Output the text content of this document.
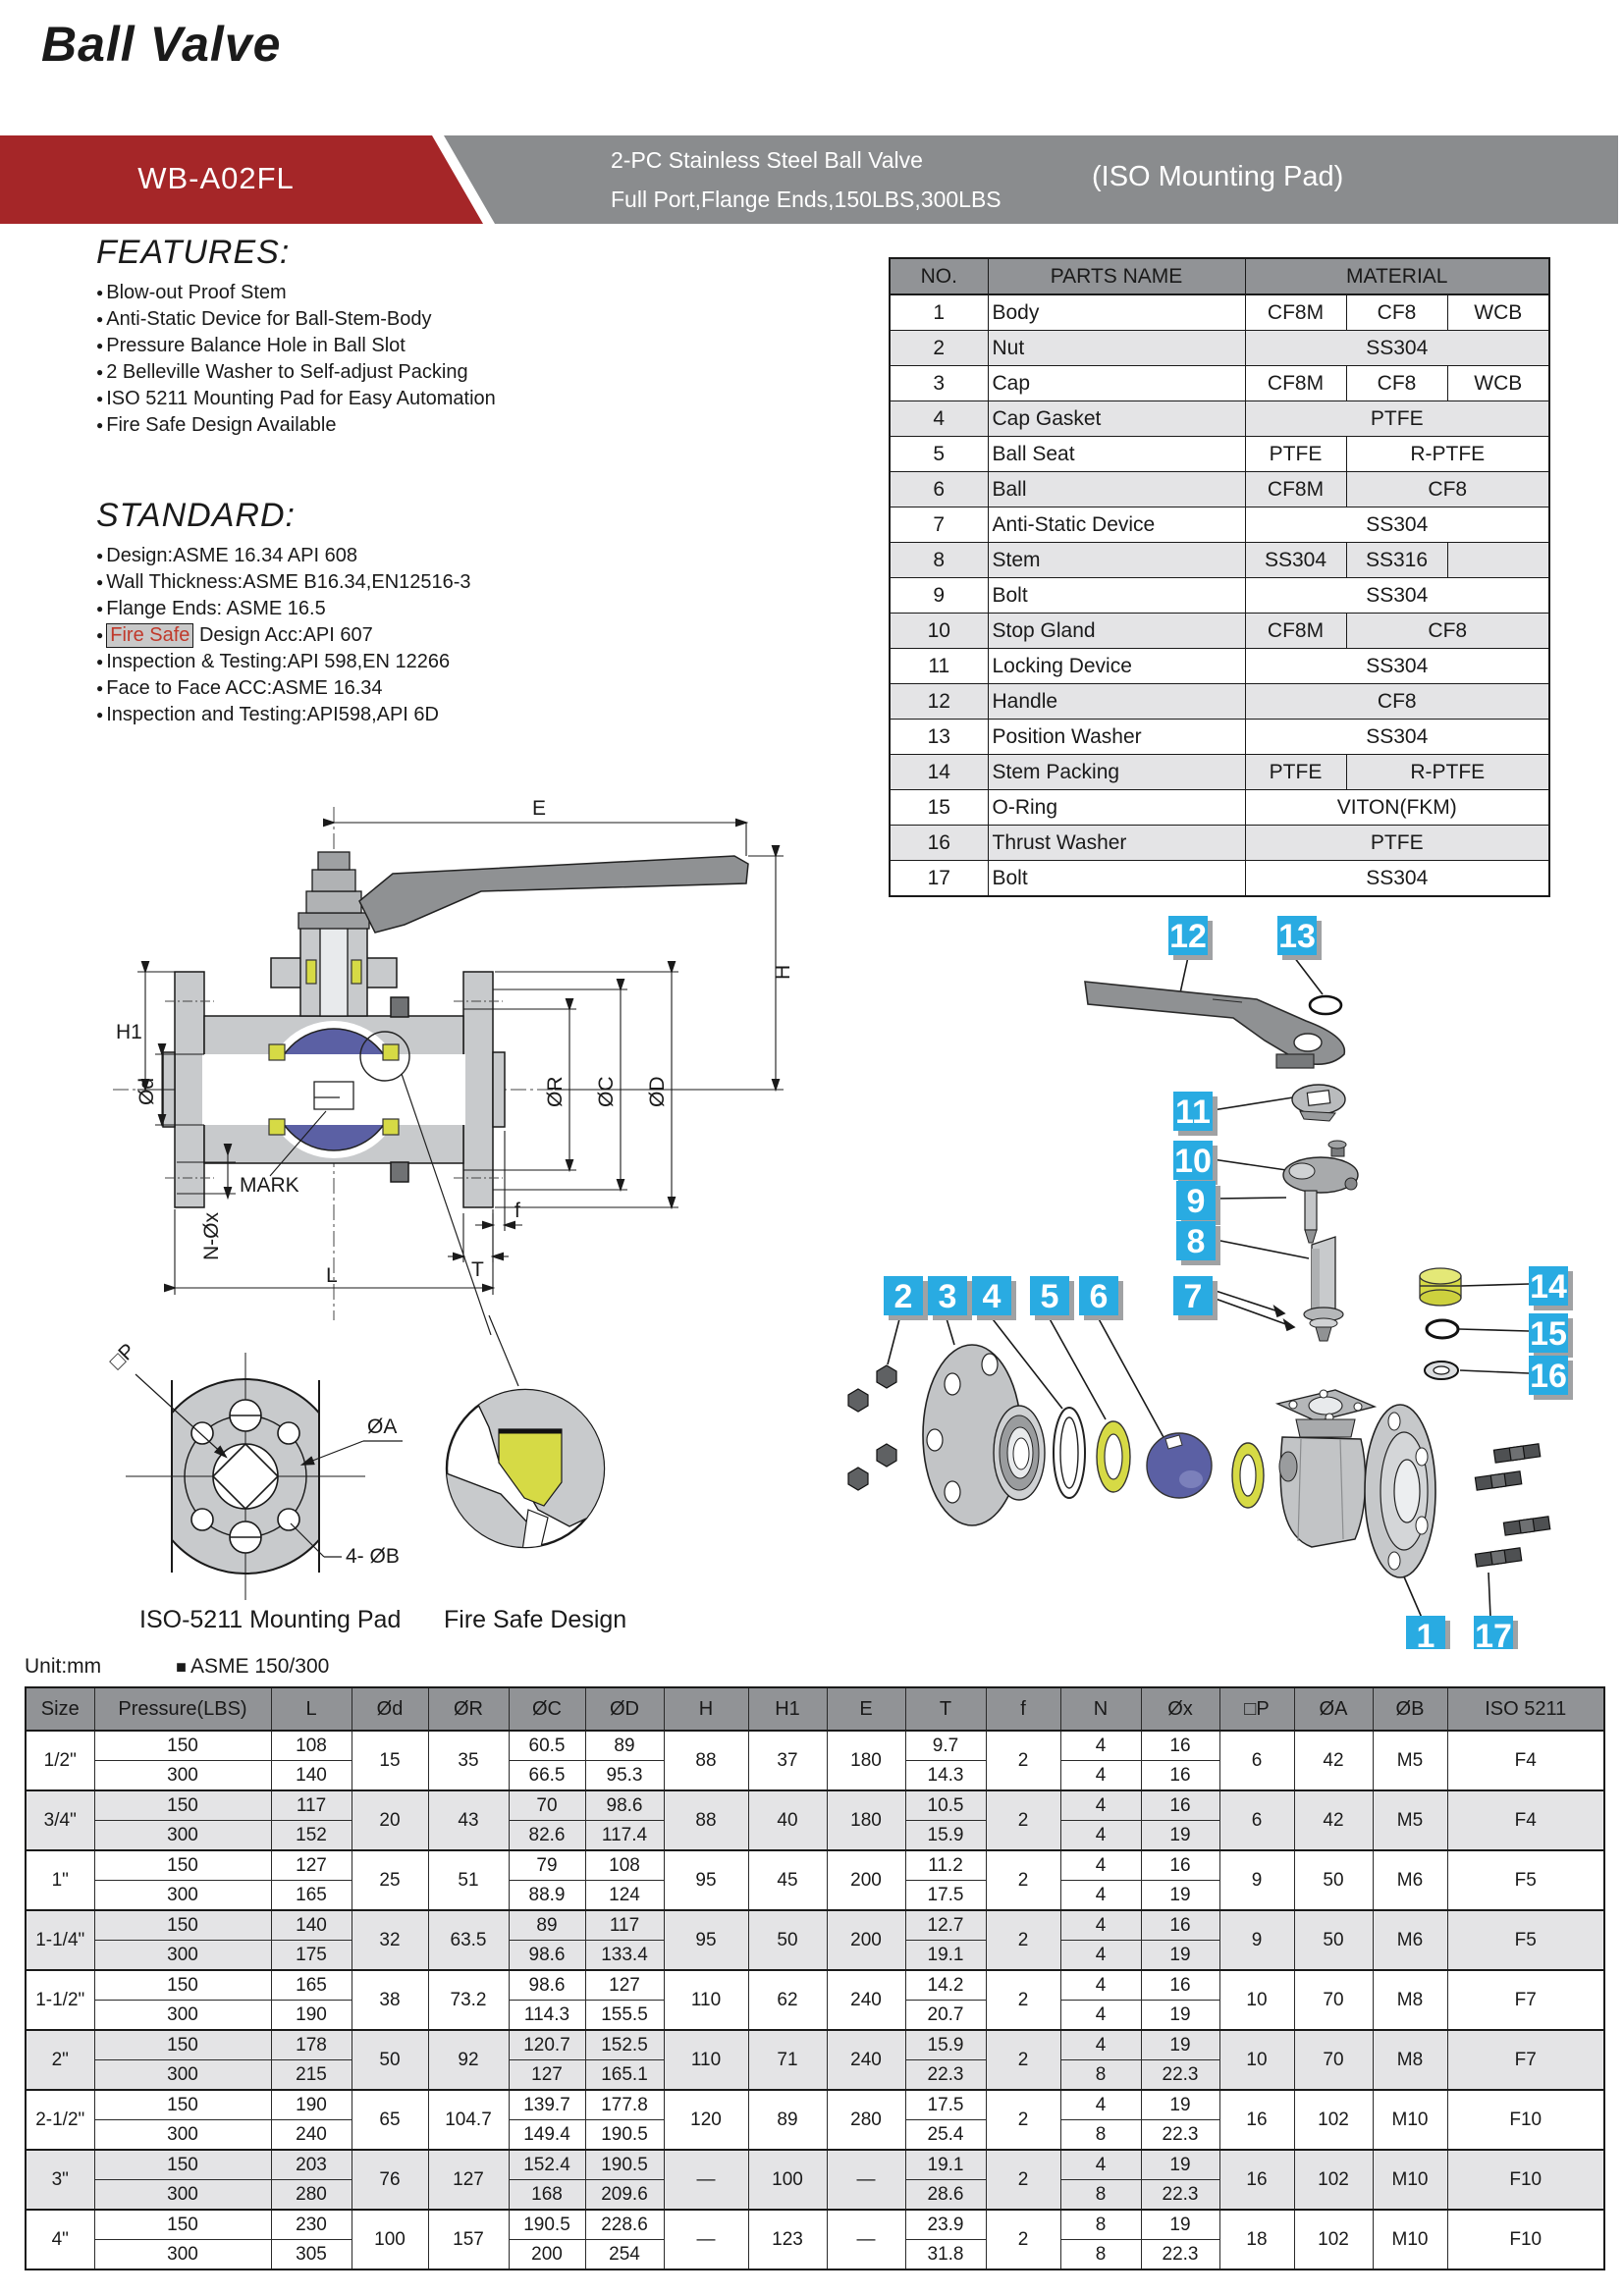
Ball Valve
WB-A02FL
2-PC Stainless Steel Ball Valve
Full Port,Flange Ends,150LBS,300LBS
(ISO Mounting Pad)
FEATURES:
● Blow-out Proof Stem
● Anti-Static Device for Ball-Stem-Body
● Pressure Balance Hole in Ball Slot
● 2 Belleville Washer to Self-adjust Packing
● ISO 5211 Mounting Pad for Easy Automation
● Fire Safe Design Available
STANDARD:
● Design:ASME 16.34 API 608
● Wall Thickness:ASME B16.34,EN12516-3
● Flange Ends: ASME 16.5
● Fire Safe Design Acc:API 607
● Inspection & Testing:API 598,EN 12266
● Face to Face ACC:ASME 16.34
● Inspection and Testing:API598,API 6D
NO.	PARTS NAME	MATERIAL		
1	Body	CF8M	CF8	WCB
2	Nut	SS304		
3	Cap	CF8M	CF8	WCB
4	Cap Gasket	PTFE		
5	Ball Seat	PTFE	R-PTFE	
6	Ball	CF8M	CF8	
7	Anti-Static Device	SS304		
8	Stem	SS304	SS316	
9	Bolt	SS304		
10	Stop Gland	CF8M	CF8	
11	Locking Device	SS304		
12	Handle	CF8		
13	Position Washer	SS304		
14	Stem Packing	PTFE	R-PTFE	
15	O-Ring	VITON(FKM)		
16	Thrust Washer	PTFE		
17	Bolt	SS304		
E
H
H1
Ød	ØR ØC ØD
L	T
f
N-Øx
MARK
□P
ØA
4- ØB
ISO-5211 Mounting Pad Fire Safe Design
12 13
11
10
9
8
7
2 3 4 5 6	14
15
16
1 17
Unit:mm	■ ASME 150/300
Size	Pressure(LBS)	L	Ød	ØR	ØC	ØD	H	H1	E	T	f	N	Øx	□P	ØA	ØB	ISO 5211
1/2"	150	108	15	35	60.5	89	88	37	180	9.7	2	4	16	6	42	M5	F4
	300	140			66.5	95.3				14.3		4	16				
3/4"	150	117	20	43	70	98.6	88	40	180	10.5	2	4	16	6	42	M5	F4
	300	152			82.6	117.4				15.9		4	19				
1"	150	127	25	51	79	108	95	45	200	11.2	2	4	16	9	50	M6	F5
	300	165			88.9	124				17.5		4	19				
1-1/4"	150	140	32	63.5	89	117	95	50	200	12.7	2	4	16	9	50	M6	F5
	300	175			98.6	133.4				19.1		4	19				
1-1/2"	150	165	38	73.2	98.6	127	110	62	240	14.2	2	4	16	10	70	M8	F7
	300	190			114.3	155.5				20.7		4	19				
2"	150	178	50	92	120.7	152.5	110	71	240	15.9	2	4	19	10	70	M8	F7
	300	215			127	165.1				22.3		8	22.3				
2-1/2"	150	190	65	104.7	139.7	177.8	120	89	280	17.5	2	4	19	16	102	M10	F10
	300	240			149.4	190.5				25.4		8	22.3				
3"	150	203	76	127	152.4	190.5	—	100	—	19.1	2	4	19	16	102	M10	F10
	300	280			168	209.6				28.6		8	22.3				
4"	150	230	100	157	190.5	228.6	—	123	—	23.9	2	8	19	18	102	M10	F10
	300	305			200	254				31.8		8	22.3				
